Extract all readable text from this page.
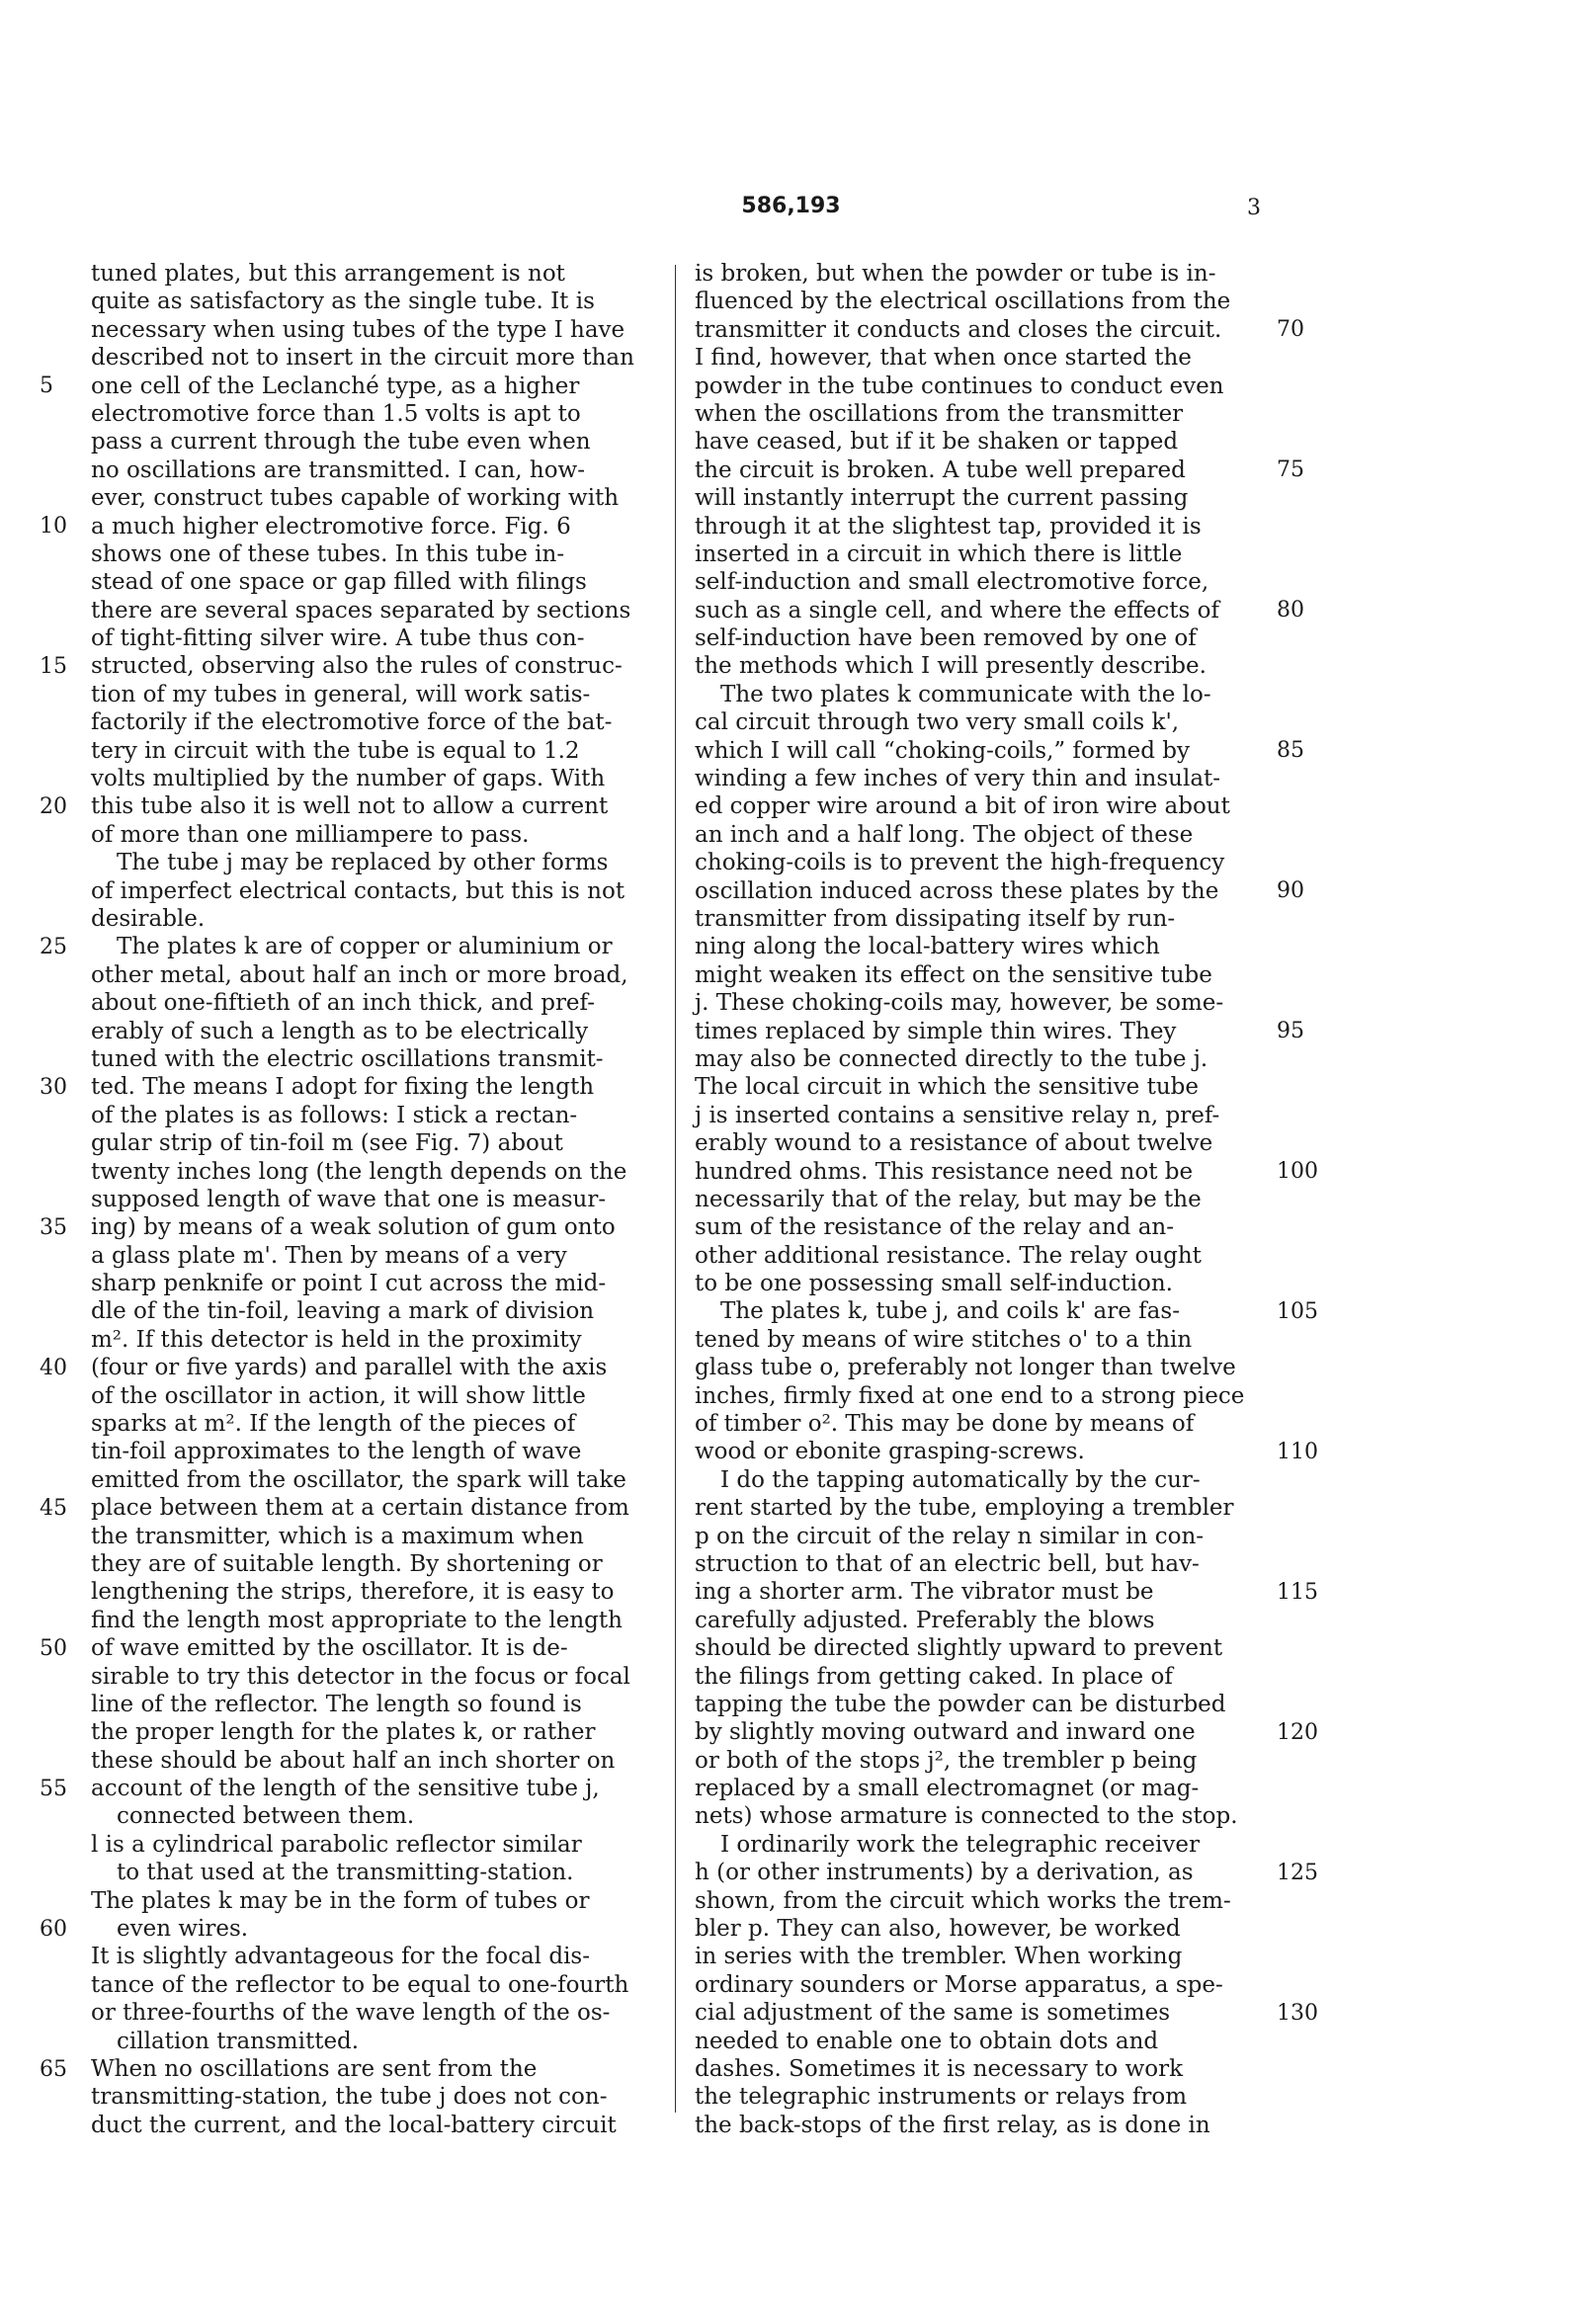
586,193	3
tuned plates, but this arrangement is not
quite as satisfactory as the single tube. It is
necessary when using tubes of the type I have
described not to insert in the circuit more than
one cell of the Leclanché type, as a higher
electromotive force than 1.5 volts is apt to
pass a current through the tube even when
no oscillations are transmitted. I can, how-
ever, construct tubes capable of working with
a much higher electromotive force. Fig. 6
shows one of these tubes. In this tube in-
stead of one space or gap filled with filings
there are several spaces separated by sections
of tight-fitting silver wire. A tube thus con-
structed, observing also the rules of construc-
tion of my tubes in general, will work satis-
factorily if the electromotive force of the bat-
tery in circuit with the tube is equal to 1.2
volts multiplied by the number of gaps. With
this tube also it is well not to allow a current
of more than one milliampere to pass.
The tube j may be replaced by other forms
of imperfect electrical contacts, but this is not
desirable.
The plates k are of copper or aluminium or
other metal, about half an inch or more broad,
about one-fiftieth of an inch thick, and pref-
erably of such a length as to be electrically
tuned with the electric oscillations transmit-
ted. The means I adopt for fixing the length
of the plates is as follows: I stick a rectan-
gular strip of tin-foil m (see Fig. 7) about
twenty inches long (the length depends on the
supposed length of wave that one is measur-
ing) by means of a weak solution of gum onto
a glass plate m'. Then by means of a very
sharp penknife or point I cut across the mid-
dle of the tin-foil, leaving a mark of division
m². If this detector is held in the proximity
(four or five yards) and parallel with the axis
of the oscillator in action, it will show little
sparks at m². If the length of the pieces of
tin-foil approximates to the length of wave
emitted from the oscillator, the spark will take
place between them at a certain distance from
the transmitter, which is a maximum when
they are of suitable length. By shortening or
lengthening the strips, therefore, it is easy to
find the length most appropriate to the length
of wave emitted by the oscillator. It is de-
sirable to try this detector in the focus or focal
line of the reflector. The length so found is
the proper length for the plates k, or rather
these should be about half an inch shorter on
account of the length of the sensitive tube j,
connected between them.
l is a cylindrical parabolic reflector similar
to that used at the transmitting-station.
The plates k may be in the form of tubes or
even wires.
It is slightly advantageous for the focal dis-
tance of the reflector to be equal to one-fourth
or three-fourths of the wave length of the os-
cillation transmitted.
When no oscillations are sent from the
transmitting-station, the tube j does not con-
duct the current, and the local-battery circuit
is broken, but when the powder or tube is in-
fluenced by the electrical oscillations from the
transmitter it conducts and closes the circuit.
I find, however, that when once started the
powder in the tube continues to conduct even
when the oscillations from the transmitter
have ceased, but if it be shaken or tapped
the circuit is broken. A tube well prepared
will instantly interrupt the current passing
through it at the slightest tap, provided it is
inserted in a circuit in which there is little
self-induction and small electromotive force,
such as a single cell, and where the effects of
self-induction have been removed by one of
the methods which I will presently describe.
The two plates k communicate with the lo-
cal circuit through two very small coils k',
which I will call “choking-coils,” formed by
winding a few inches of very thin and insulat-
ed copper wire around a bit of iron wire about
an inch and a half long. The object of these
choking-coils is to prevent the high-frequency
oscillation induced across these plates by the
transmitter from dissipating itself by run-
ning along the local-battery wires which
might weaken its effect on the sensitive tube
j. These choking-coils may, however, be some-
times replaced by simple thin wires. They
may also be connected directly to the tube j.
The local circuit in which the sensitive tube
j is inserted contains a sensitive relay n, pref-
erably wound to a resistance of about twelve
hundred ohms. This resistance need not be
necessarily that of the relay, but may be the
sum of the resistance of the relay and an-
other additional resistance. The relay ought
to be one possessing small self-induction.
The plates k, tube j, and coils k' are fas-
tened by means of wire stitches o' to a thin
glass tube o, preferably not longer than twelve
inches, firmly fixed at one end to a strong piece
of timber o². This may be done by means of
wood or ebonite grasping-screws.
I do the tapping automatically by the cur-
rent started by the tube, employing a trembler
p on the circuit of the relay n similar in con-
struction to that of an electric bell, but hav-
ing a shorter arm. The vibrator must be
carefully adjusted. Preferably the blows
should be directed slightly upward to prevent
the filings from getting caked. In place of
tapping the tube the powder can be disturbed
by slightly moving outward and inward one
or both of the stops j², the trembler p being
replaced by a small electromagnet (or mag-
nets) whose armature is connected to the stop.
I ordinarily work the telegraphic receiver
h (or other instruments) by a derivation, as
shown, from the circuit which works the trem-
bler p. They can also, however, be worked
in series with the trembler. When working
ordinary sounders or Morse apparatus, a spe-
cial adjustment of the same is sometimes
needed to enable one to obtain dots and
dashes. Sometimes it is necessary to work
the telegraphic instruments or relays from
the back-stops of the first relay, as is done in
5
10
15
20
25
30
35
40
45
50
55
60
65
70
75
80
85
90
95
100
105
110
115
120
125
130
